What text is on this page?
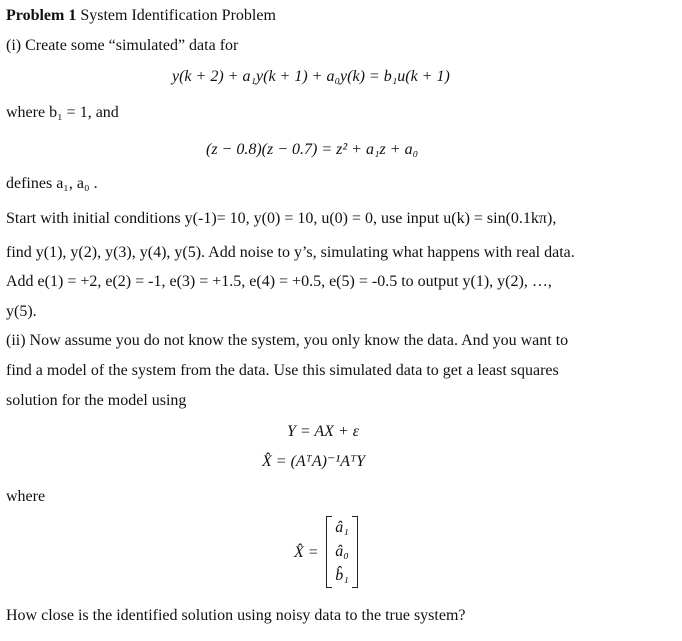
Problem 1 System Identification Problem
(i) Create some “simulated” data for
y(k + 2) + a₁y(k + 1) + a₀y(k) = b₁u(k + 1)
where b₁ = 1, and
(z − 0.8)(z − 0.7) = z² + a₁z + a₀
defines a₁, a₀ .
Start with initial conditions y(-1)= 10, y(0) = 10, u(0) = 0, use input u(k) = sin(0.1kπ),
find y(1), y(2), y(3), y(4), y(5). Add noise to y’s, simulating what happens with real data.
Add e(1) = +2, e(2) = -1, e(3) = +1.5, e(4) = +0.5, e(5) = -0.5 to output y(1), y(2), …,
y(5).
(ii) Now assume you do not know the system, you only know the data. And you want to
find a model of the system from the data. Use this simulated data to get a least squares
solution for the model using
Y = AX + ε
X̂ = (AᵀA)⁻¹AᵀY
where
X̂ =
â₁
â₀
b̂₁
How close is the identified solution using noisy data to the true system?
